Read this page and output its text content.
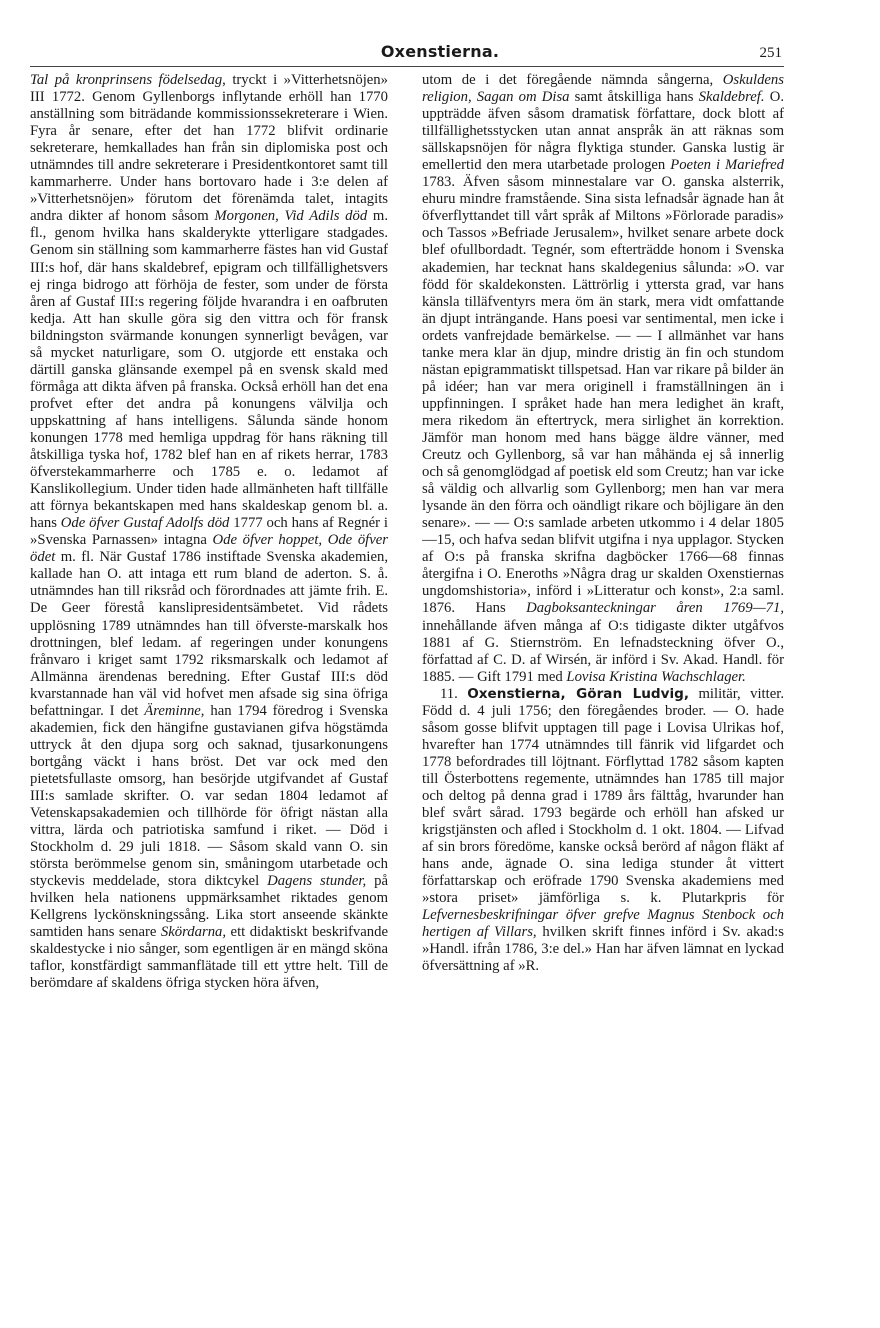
Oxenstierna.	251

Tal på kronprinsens födelsedag, tryckt i »Vitterhetsnöjen» III 1772. Genom Gyllenborgs inflytande erhöll han 1770 anställning som biträdande kommissionssekreterare i Wien. Fyra år senare, efter det han 1772 blifvit ordinarie sekreterare, hemkallades han från sin diplomiska post och utnämndes till andre sekreterare i Presidentkontoret samt till kammarherre. Under hans bortovaro hade i 3:e delen af »Vitterhetsnöjen» förutom det förenämda talet, intagits andra dikter af honom såsom Morgonen, Vid Adils död m. fl., genom hvilka hans skalderykte ytterligare stadgades. Genom sin ställning som kammarherre fästes han vid Gustaf III:s hof, där hans skaldebref, epigram och tillfällighetsvers ej ringa bidrogo att förhöja de fester, som under de första åren af Gustaf III:s regering följde hvarandra i en oafbruten kedja. Att han skulle göra sig den vittra och för fransk bildningston svärmande konungen synnerligt bevågen, var så mycket naturligare, som O. utgjorde ett enstaka och därtill ganska glänsande exempel på en svensk skald med förmåga att dikta äfven på franska. Också erhöll han det ena profvet efter det andra på konungens välvilja och uppskattning af hans intelligens. Sålunda sände honom konungen 1778 med hemliga uppdrag för hans räkning till åtskilliga tyska hof, 1782 blef han en af rikets herrar, 1783 öfverstekammarherre och 1785 e. o. ledamot af Kanslikollegium. Under tiden hade allmänheten haft tillfälle att förnya bekantskapen med hans skaldeskap genom bl. a. hans Ode öfver Gustaf Adolfs död 1777 och hans af Regnér i »Svenska Parnassen» intagna Ode öfver hoppet, Ode öfver ödet m. fl. När Gustaf 1786 instiftade Svenska akademien, kallade han O. att intaga ett rum bland de aderton. S. å. utnämndes han till riksråd och förordnades att jämte frih. E. De Geer förestå kanslipresidentsämbetet. Vid rådets upplösning 1789 utnämndes han till öfverste-marskalk hos drottningen, blef ledam. af regeringen under konungens frånvaro i kriget samt 1792 riksmarskalk och ledamot af Allmänna ärendenas beredning. Efter Gustaf III:s död kvarstannade han väl vid hofvet men afsade sig sina öfriga befattningar. I det Äreminne, han 1794 föredrog i Svenska akademien, fick den hängifne gustavianen gifva högstämda uttryck åt den djupa sorg och saknad, tjusarkonungens bortgång väckt i hans bröst. Det var ock med den pietetsfullaste omsorg, han besörjde utgifvandet af Gustaf III:s samlade skrifter. O. var sedan 1804 ledamot af Vetenskapsakademien och tillhörde för öfrigt nästan alla vittra, lärda och patriotiska samfund i riket. — Död i Stockholm d. 29 juli 1818. — Såsom skald vann O. sin största berömmelse genom sin, småningom utarbetade och styckevis meddelade, stora diktcykel Dagens stunder, på hvilken hela nationens uppmärksamhet riktades genom Kellgrens lyckönskningssång. Lika stort anseende skänkte samtiden hans senare Skördarna, ett didaktiskt beskrifvande skaldestycke i nio sånger, som egentligen är en mängd sköna taflor, konstfärdigt sammanflätade till ett yttre helt. Till de berömdare af skaldens öfriga stycken höra äfven,

utom de i det föregående nämnda sångerna, Oskuldens religion, Sagan om Disa samt åtskilliga hans Skaldebref. O. uppträdde äfven såsom dramatisk författare, dock blott af tillfällighetsstycken utan annat anspråk än att räknas som sällskapsnöjen för några flyktiga stunder. Ganska lustig är emellertid den mera utarbetade prologen Poeten i Mariefred 1783. Äfven såsom minnestalare var O. ganska alsterrik, ehuru mindre framstående. Sina sista lefnadsår ägnade han åt öfverflyttandet till vårt språk af Miltons »Förlorade paradis» och Tassos »Befriade Jerusalem», hvilket senare arbete dock blef ofullbordadt. Tegnér, som efterträdde honom i Svenska akademien, har tecknat hans skaldegenius sålunda: »O. var född för skaldekonsten. Lättrörlig i yttersta grad, var hans känsla tilläfventyrs mera öm än stark, mera vidt omfattande än djupt inträngande. Hans poesi var sentimental, men icke i ordets vanfrejdade bemärkelse. — — I allmänhet var hans tanke mera klar än djup, mindre dristig än fin och stundom nästan epigrammatiskt tillspetsad. Han var rikare på bilder än på idéer; han var mera originell i framställningen än i uppfinningen. I språket hade han mera ledighet än kraft, mera rikedom än eftertryck, mera sirlighet än korrektion. Jämför man honom med hans bägge äldre vänner, med Creutz och Gyllenborg, så var han måhända ej så innerlig och så genomglödgad af poetisk eld som Creutz; han var icke så väldig och allvarlig som Gyllenborg; men han var mera lysande än den förra och oändligt rikare och böjligare än den senare». — — O:s samlade arbeten utkommo i 4 delar 1805—15, och hafva sedan blifvit utgifna i nya upplagor. Stycken af O:s på franska skrifna dagböcker 1766—68 finnas återgifna i O. Eneroths »Några drag ur skalden Oxenstiernas ungdomshistoria», införd i »Litteratur och konst», 2:a saml. 1876. Hans Dagboksanteckningar åren 1769—71, innehållande äfven många af O:s tidigaste dikter utgåfvos 1881 af G. Stiernström. En lefnadsteckning öfver O., författad af C. D. af Wirsén, är införd i Sv. Akad. Handl. för 1885. — Gift 1791 med Lovisa Kristina Wachschlager.

11. Oxenstierna, Göran Ludvig, militär, vitter. Född d. 4 juli 1756; den föregåendes broder. — O. hade såsom gosse blifvit upptagen till page i Lovisa Ulrikas hof, hvarefter han 1774 utnämndes till fänrik vid lifgardet och 1778 befordrades till löjtnant. Förflyttad 1782 såsom kapten till Österbottens regemente, utnämndes han 1785 till major och deltog på denna grad i 1789 års fälttåg, hvarunder han blef svårt sårad. 1793 begärde och erhöll han afsked ur krigstjänsten och afled i Stockholm d. 1 okt. 1804. — Lifvad af sin brors föredöme, kanske också berörd af någon fläkt af hans ande, ägnade O. sina lediga stunder åt vittert författarskap och eröfrade 1790 Svenska akademiens med »stora priset» jämförliga s. k. Plutarkpris för Lefvernesbeskrifningar öfver grefve Magnus Stenbock och hertigen af Villars, hvilken skrift finnes införd i Sv. akad:s »Handl. ifrån 1786, 3:e del.» Han har äfven lämnat en lyckad öfversättning af »R.
